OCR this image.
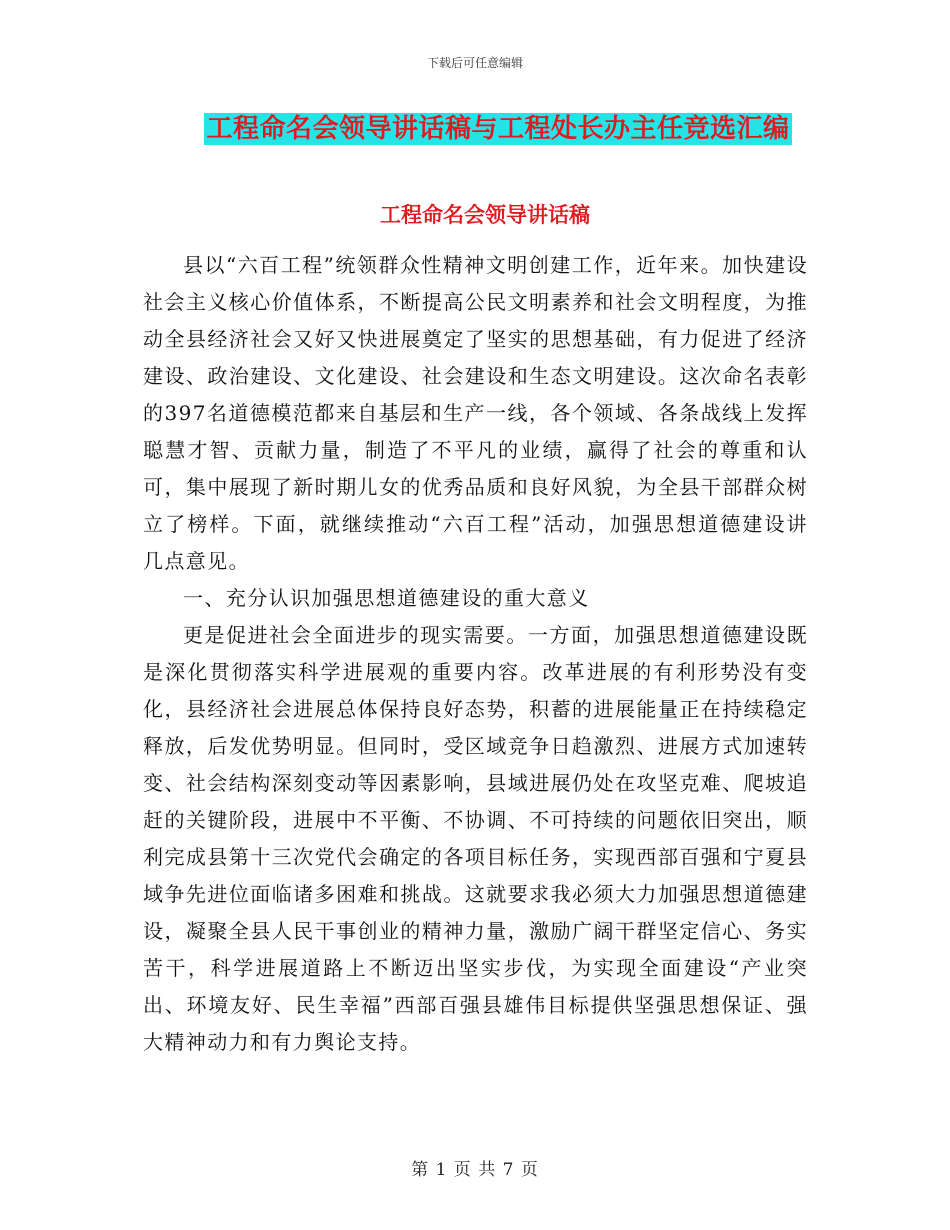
下载后可任意编辑
工程命名会领导讲话稿与工程处长办主任竞选汇编
工程命名会领导讲话稿

县以“六百工程”统领群众性精神文明创建工作，近年来。加快建设社会主义核心价值体系，不断提高公民文明素养和社会文明程度，为推动全县经济社会又好又快进展奠定了坚实的思想基础，有力促进了经济建设、政治建设、文化建设、社会建设和生态文明建设。这次命名表彰的397名道德模范都来自基层和生产一线，各个领域、各条战线上发挥聪慧才智、贡献力量，制造了不平凡的业绩，赢得了社会的尊重和认可，集中展现了新时期儿女的优秀品质和良好风貌，为全县干部群众树立了榜样。下面，就继续推动“六百工程”活动，加强思想道德建设讲几点意见。

一、充分认识加强思想道德建设的重大意义

更是促进社会全面进步的现实需要。一方面，加强思想道德建设既是深化贯彻落实科学进展观的重要内容。改革进展的有利形势没有变化，县经济社会进展总体保持良好态势，积蓄的进展能量正在持续稳定释放，后发优势明显。但同时，受区域竞争日趋激烈、进展方式加速转变、社会结构深刻变动等因素影响，县域进展仍处在攻坚克难、爬坡追赶的关键阶段，进展中不平衡、不协调、不可持续的问题依旧突出，顺利完成县第十三次党代会确定的各项目标任务，实现西部百强和宁夏县域争先进位面临诸多困难和挑战。这就要求我必须大力加强思想道德建设，凝聚全县人民干事创业的精神力量，激励广阔干群坚定信心、务实苦干，科学进展道路上不断迈出坚实步伐，为实现全面建设“产业突出、环境友好、民生幸福”西部百强县雄伟目标提供坚强思想保证、强大精神动力和有力舆论支持。

第 1 页 共 7 页
